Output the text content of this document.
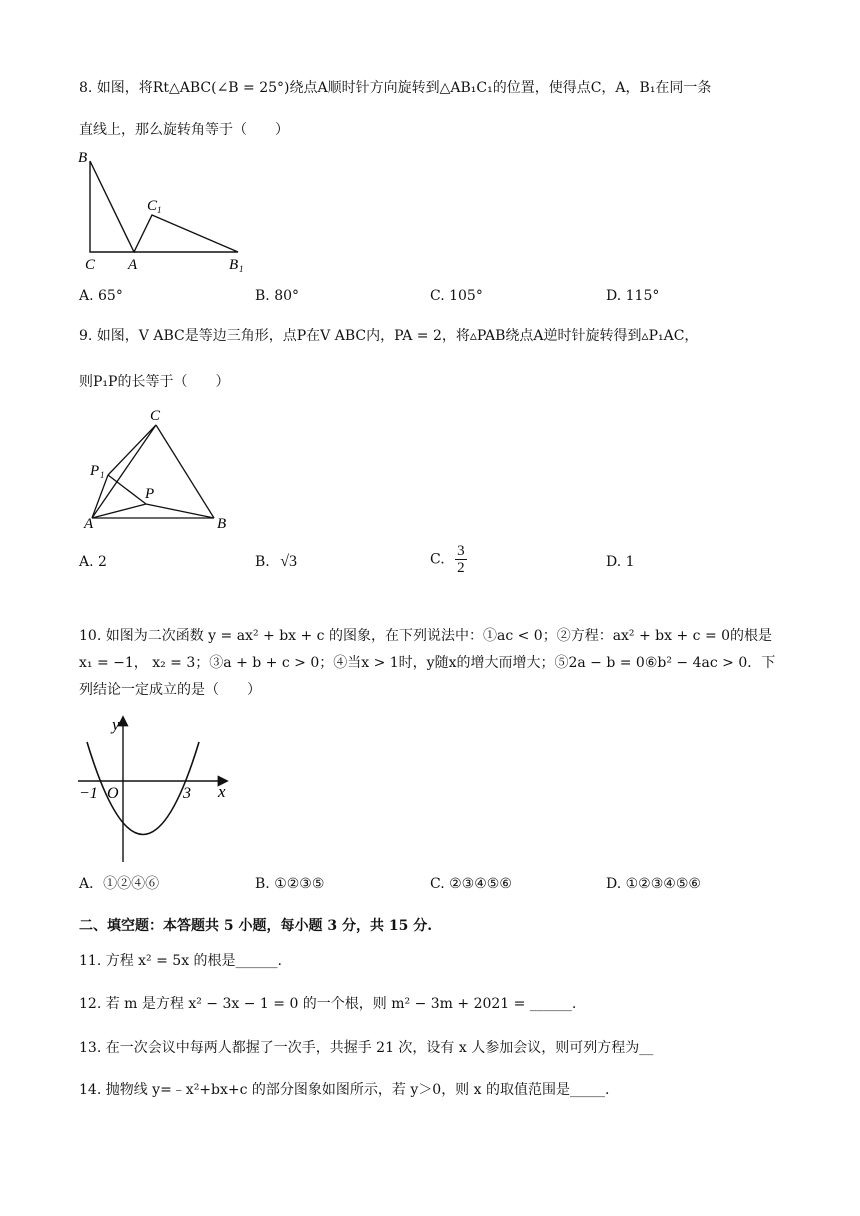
8. 如图，将Rt△ABC(∠B = 25°)绕点A顺时针方向旋转到△AB₁C₁的位置，使得点C，A，B₁在同一条
直线上，那么旋转角等于（　　）
B
C A
C 1
B 1
A. 65°	B. 80°	C. 105°	D. 115°
9. 如图，V ABC是等边三角形，点P在V ABC内，PA = 2，将▵PAB绕点A逆时针旋转得到▵P₁AC，
则P₁P的长等于（　　）
C
P 1
P
A	B
A. 2	B. √3	C. $\frac{3}{2}$	D. 1
10. 如图为二次函数 y = ax² + bx + c 的图象，在下列说法中：①ac < 0；②方程：ax² + bx + c = 0的根是
x₁ = −1， x₂ = 3；③a + b + c > 0；④当x > 1时，y随x的增大而增大；⑤2a − b = 0⑥b² − 4ac > 0．下
列结论一定成立的是（　　）
y
x
−1 O	3
A．①②④⑥	B. ①②③⑤	C. ②③④⑤⑥	D. ①②③④⑤⑥
二、填空题：本答题共 5 小题，每小题 3 分，共 15 分.
11. 方程 x² = 5x 的根是______.
12. 若 m 是方程 x² − 3x − 1 = 0 的一个根，则 m² − 3m + 2021 = ______.
13. 在一次会议中每两人都握了一次手，共握手 21 次，设有 x 人参加会议，则可列方程为__
14. 抛物线 y=﹣x²+bx+c 的部分图象如图所示，若 y＞0，则 x 的取值范围是_____.
